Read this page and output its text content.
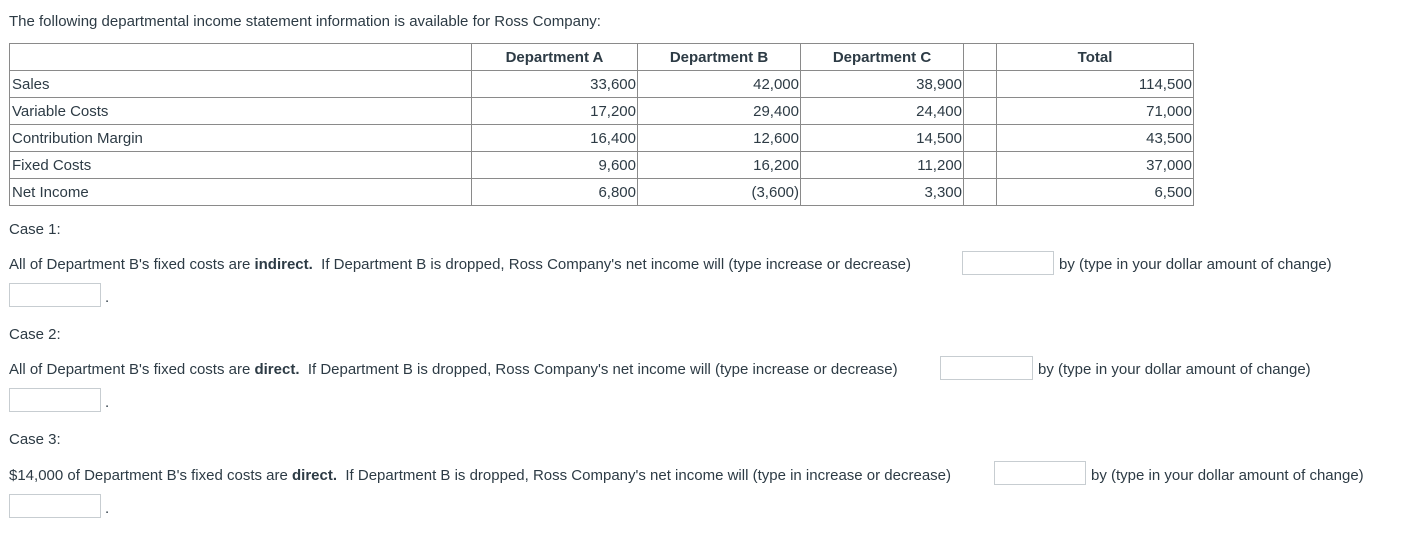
The following departmental income statement information is available for Ross Company:
	Department A	Department B	Department C		Total
Sales	33,600	42,000	38,900		114,500
Variable Costs	17,200	29,400	24,400		71,000
Contribution Margin	16,400	12,600	14,500		43,500
Fixed Costs	9,600	16,200	11,200		37,000
Net Income	6,800	(3,600)	3,300		6,500
Case 1:
All of Department B's fixed costs are indirect.  If Department B is dropped, Ross Company's net income will (type increase or decrease)	by (type in your dollar amount of change)
.
Case 2:
All of Department B's fixed costs are direct.  If Department B is dropped, Ross Company's net income will (type increase or decrease)	by (type in your dollar amount of change)
.
Case 3:
$14,000 of Department B's fixed costs are direct.  If Department B is dropped, Ross Company's net income will (type in increase or decrease)	by (type in your dollar amount of change)
.
